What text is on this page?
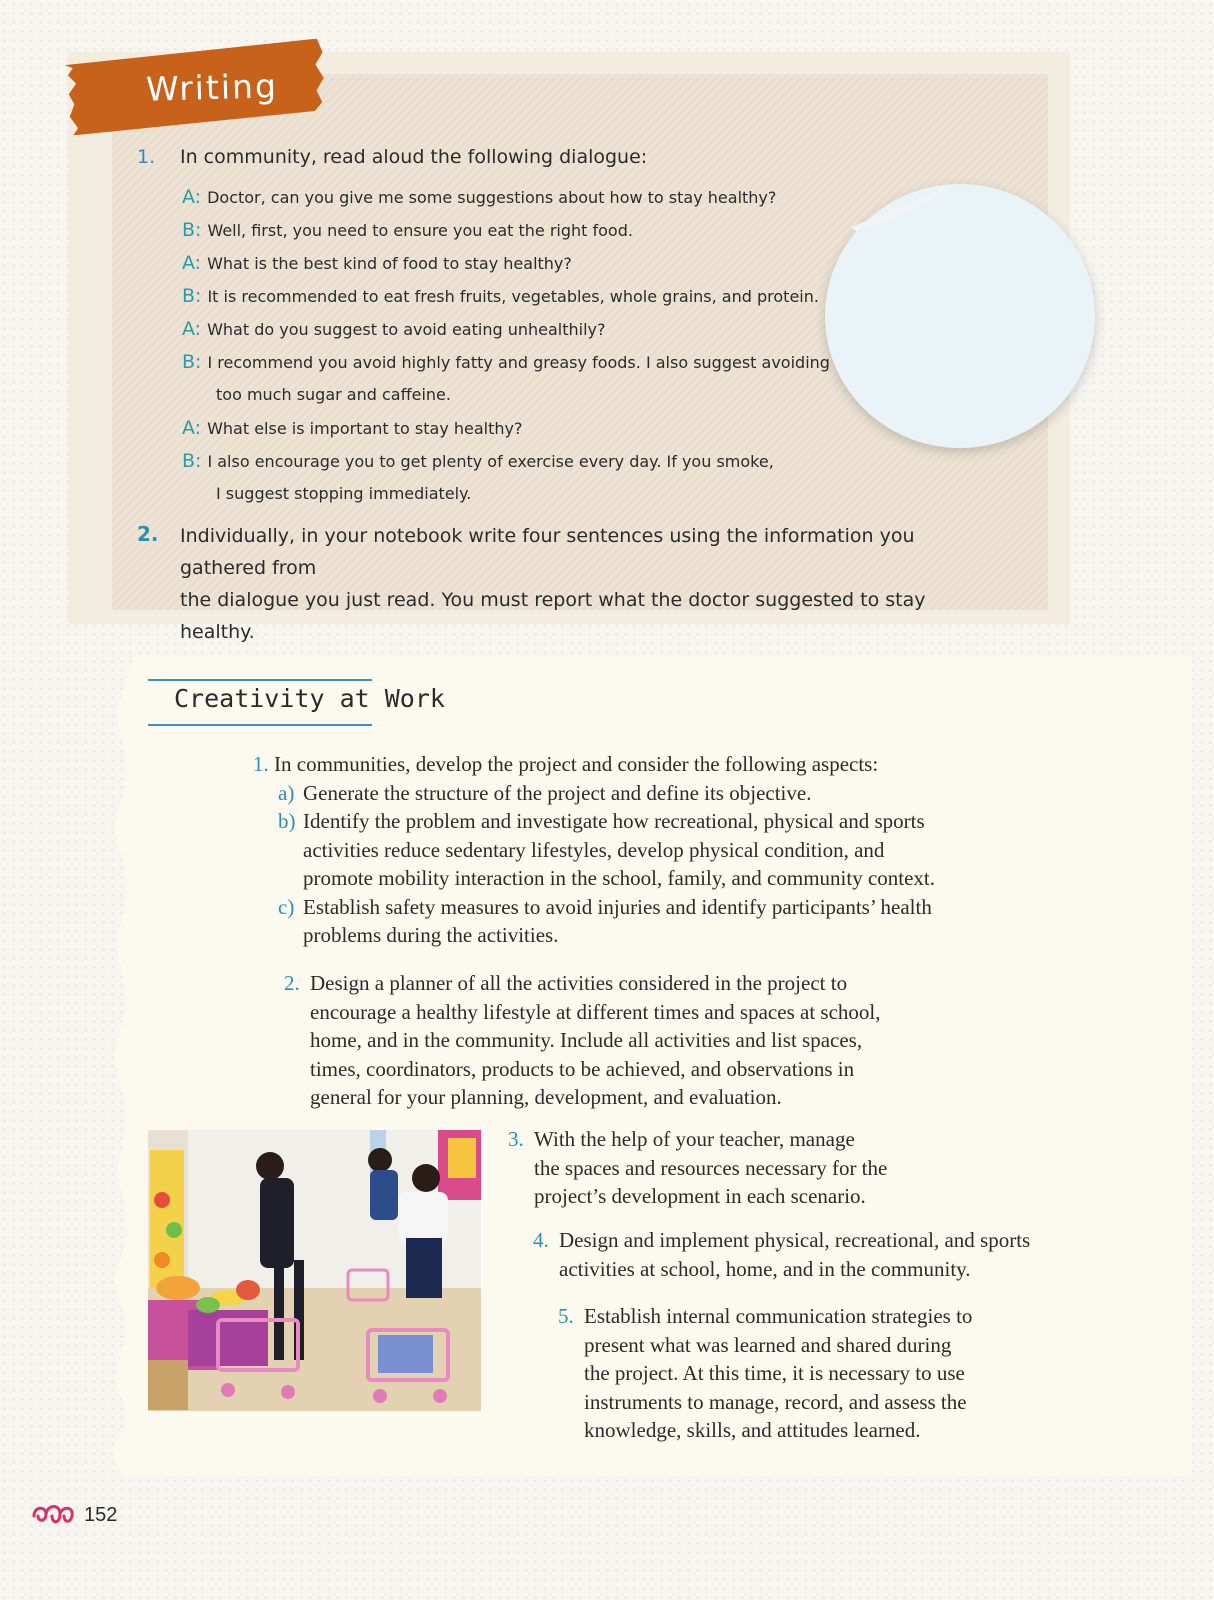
Writing
1. In community, read aloud the following dialogue:
A: Doctor, can you give me some suggestions about how to stay healthy?
B: Well, first, you need to ensure you eat the right food.
A: What is the best kind of food to stay healthy?
B: It is recommended to eat fresh fruits, vegetables, whole grains, and protein.
A: What do you suggest to avoid eating unhealthily?
B: I recommend you avoid highly fatty and greasy foods. I also suggest avoiding
too much sugar and caffeine.
A: What else is important to stay healthy?
B: I also encourage you to get plenty of exercise every day. If you smoke,
I suggest stopping immediately.
2. Individually, in your notebook write four sentences using the information you gathered from
the dialogue you just read. You must report what the doctor suggested to stay healthy.
Creativity at Work
1. In communities, develop the project and consider the following aspects:
a) Generate the structure of the project and define its objective.
b) Identify the problem and investigate how recreational, physical and sports
activities reduce sedentary lifestyles, develop physical condition, and
promote mobility interaction in the school, family, and community context.
c) Establish safety measures to avoid injuries and identify participants’ health
problems during the activities.
2. Design a planner of all the activities considered in the project to
encourage a healthy lifestyle at different times and spaces at school,
home, and in the community. Include all activities and list spaces,
times, coordinators, products to be achieved, and observations in
general for your planning, development, and evaluation.
3. With the help of your teacher, manage
the spaces and resources necessary for the
project’s development in each scenario.
4. Design and implement physical, recreational, and sports
activities at school, home, and in the community.
5. Establish internal communication strategies to
present what was learned and shared during
the project. At this time, it is necessary to use
instruments to manage, record, and assess the
knowledge, skills, and attitudes learned.
152
